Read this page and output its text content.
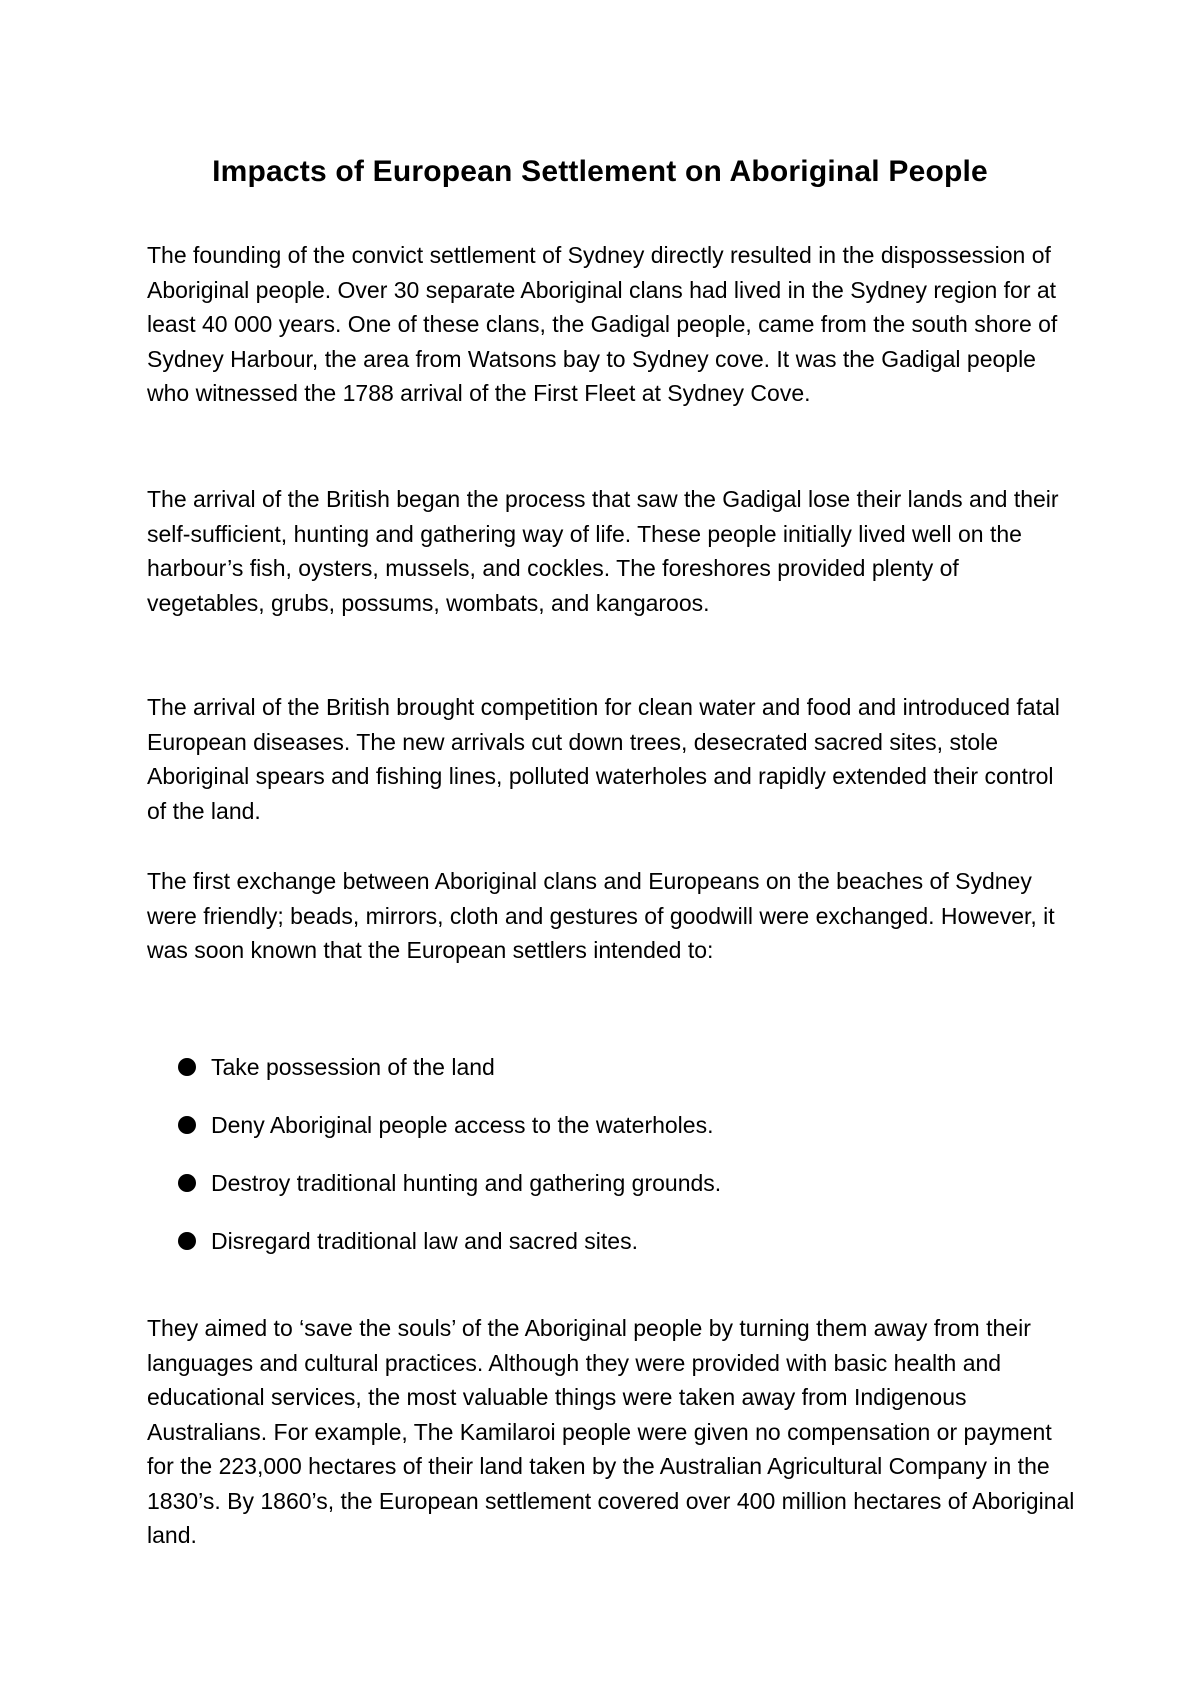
Impacts of European Settlement on Aboriginal People

The founding of the convict settlement of Sydney directly resulted in the dispossession of Aboriginal people. Over 30 separate Aboriginal clans had lived in the Sydney region for at least 40 000 years. One of these clans, the Gadigal people, came from the south shore of Sydney Harbour, the area from Watsons bay to Sydney cove. It was the Gadigal people who witnessed the 1788 arrival of the First Fleet at Sydney Cove.

The arrival of the British began the process that saw the Gadigal lose their lands and their self-sufficient, hunting and gathering way of life. These people initially lived well on the harbour’s fish, oysters, mussels, and cockles. The foreshores provided plenty of vegetables, grubs, possums, wombats, and kangaroos.

The arrival of the British brought competition for clean water and food and introduced fatal European diseases. The new arrivals cut down trees, desecrated sacred sites, stole Aboriginal spears and fishing lines, polluted waterholes and rapidly extended their control of the land.

The first exchange between Aboriginal clans and Europeans on the beaches of Sydney were friendly; beads, mirrors, cloth and gestures of goodwill were exchanged. However, it was soon known that the European settlers intended to:

Take possession of the land
Deny Aboriginal people access to the waterholes.
Destroy traditional hunting and gathering grounds.
Disregard traditional law and sacred sites.

They aimed to ‘save the souls’ of the Aboriginal people by turning them away from their languages and cultural practices. Although they were provided with basic health and educational services, the most valuable things were taken away from Indigenous Australians. For example, The Kamilaroi people were given no compensation or payment for the 223,000 hectares of their land taken by the Australian Agricultural Company in the 1830’s. By 1860’s, the European settlement covered over 400 million hectares of Aboriginal land.
